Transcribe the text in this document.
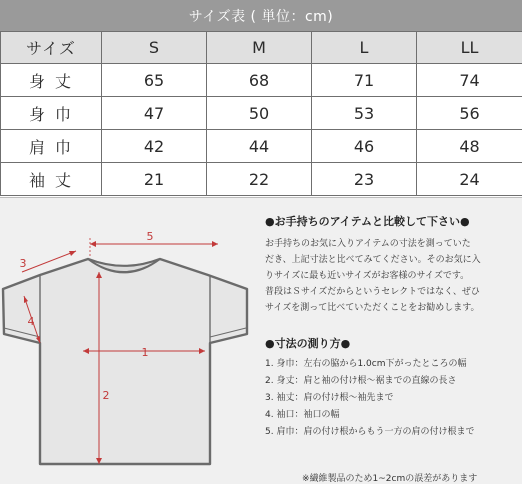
サイズ表 ( 単位：cm)
サイズ	S	M	L	LL
身丈	65	68	71	74
身巾	47	50	53	56
肩巾	42	44	46	48
袖丈	21	22	23	24
5
3
4
1
2
●お手持ちのアイテムと比較して下さい●

お手持ちのお気に入りアイテムの寸法を測っていた
だき、上記寸法と比べてみてください。そのお気に入
りサイズに最も近いサイズがお客様のサイズです。
普段はＳサイズだからというセレクトではなく、ぜひ
サイズを測って比べていただくことをお勧めします。

●寸法の測り方●
1. 身巾：左右の脇から1.0cm下がったところの幅
2. 身丈：肩と袖の付け根〜裾までの直線の長さ
3. 袖丈：肩の付け根〜袖先まで
4. 袖口：袖口の幅
5. 肩巾：肩の付け根からもう一方の肩の付け根まで
※繊維製品のため1~2cmの誤差があります
